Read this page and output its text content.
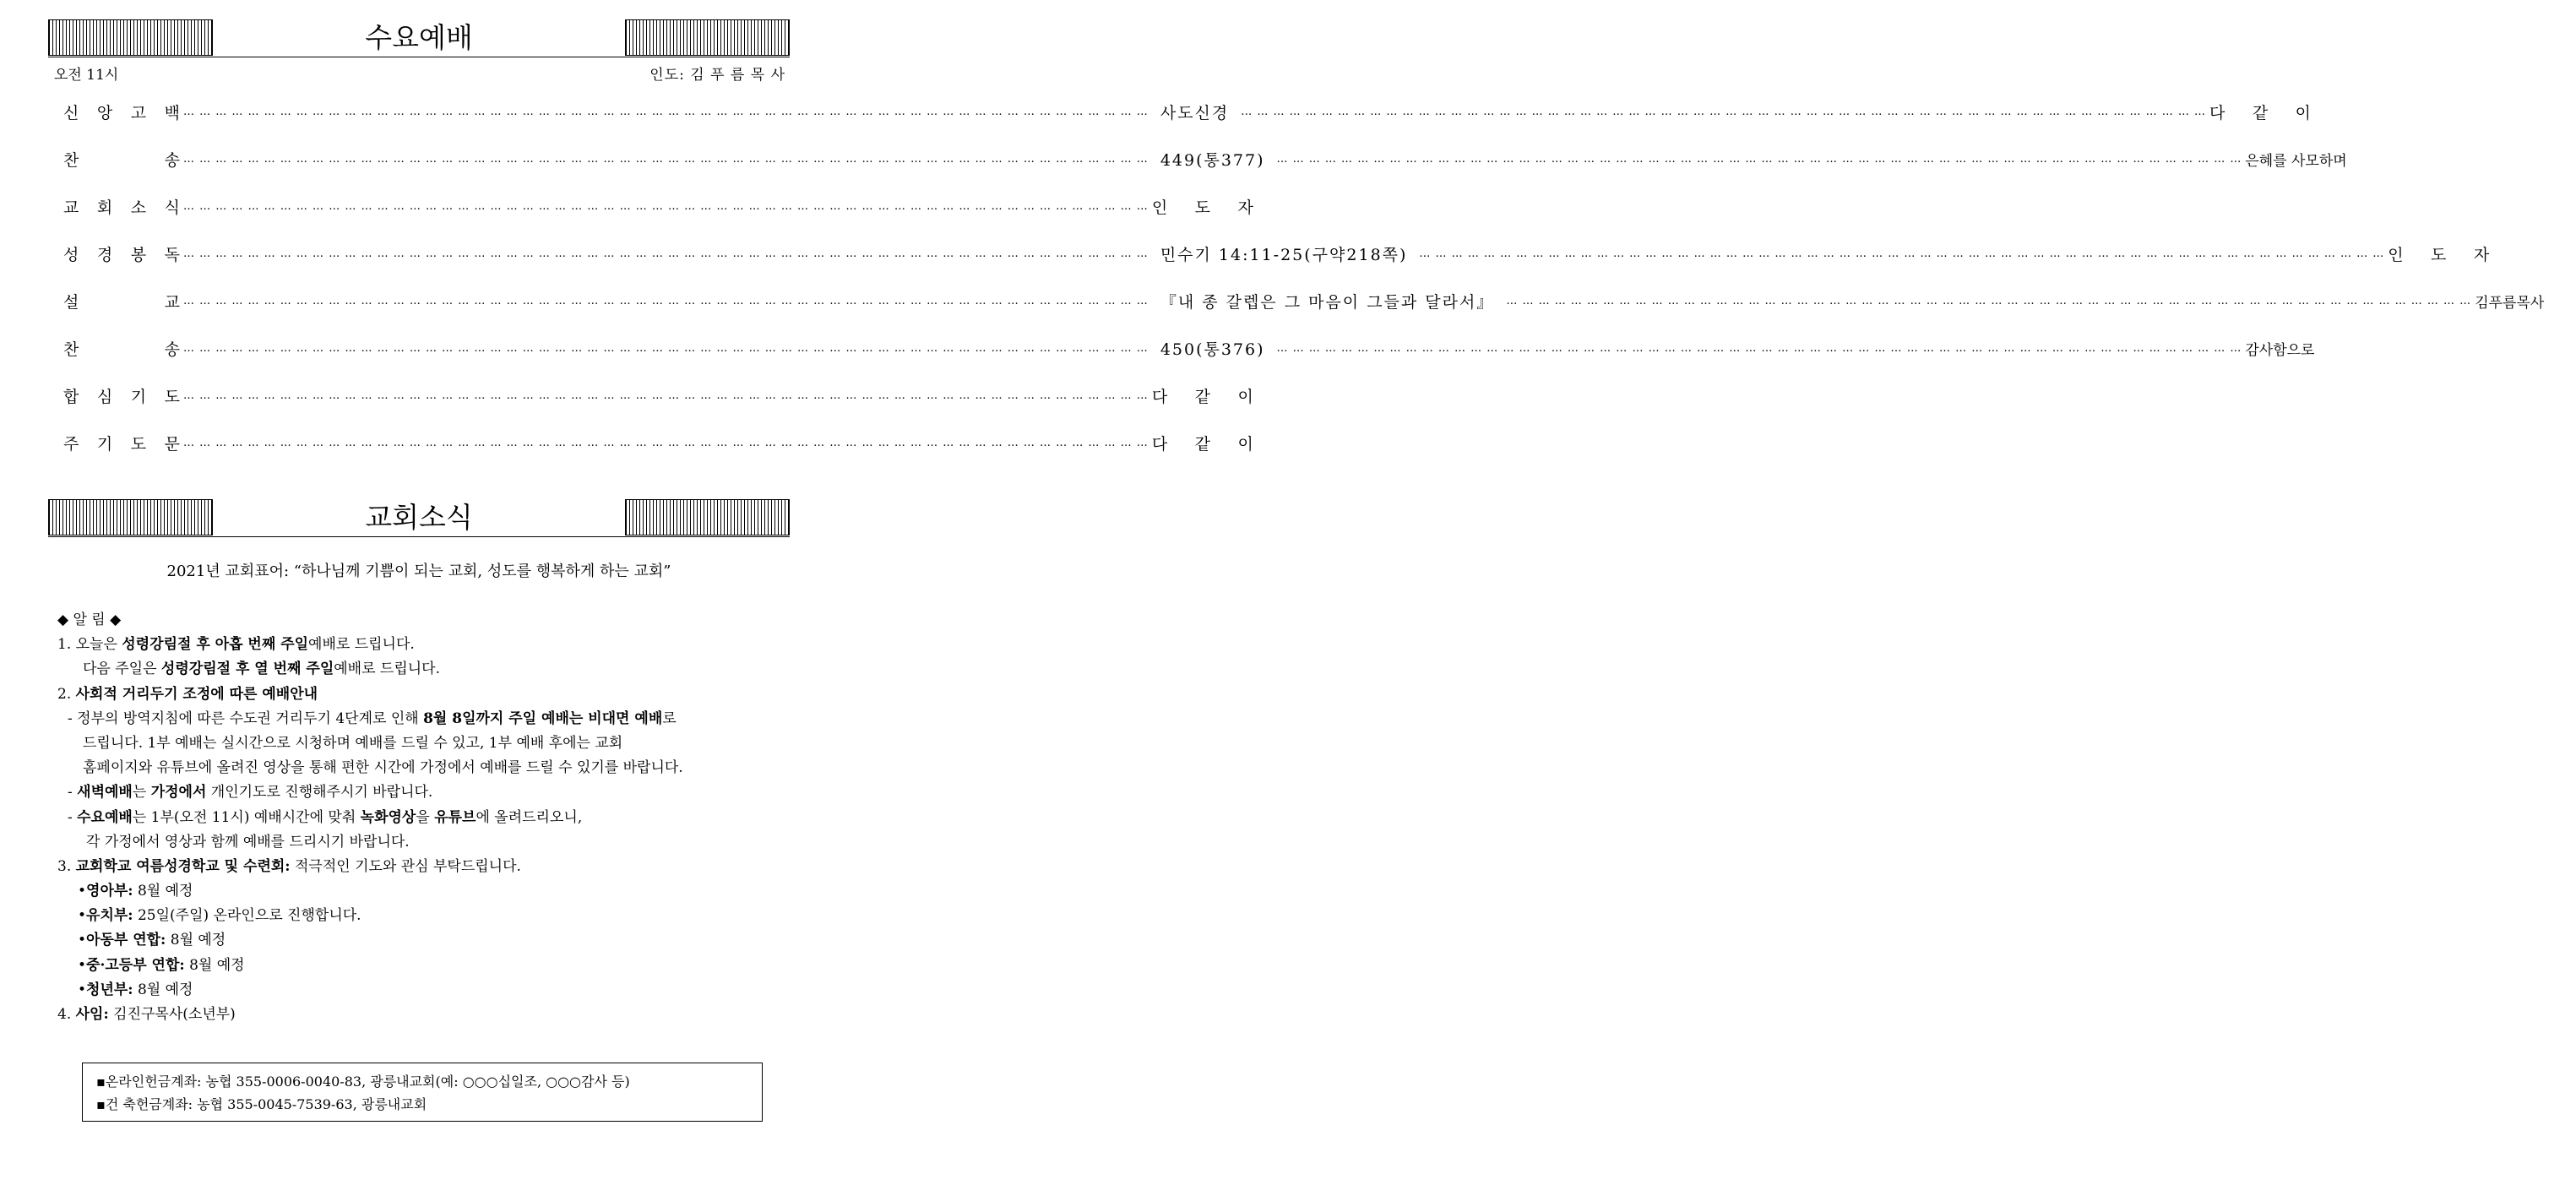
수요예배
오전 11시	인도: 김 푸 름 목 사
신 앙 고 백 … … … … … … … … … … … … … … … … … … … … … … … … … … … … … … … … … … … … … … … … … … … … … … … … … … … … … … … … … … … … 사도신경	… … … … … … … … … … … … … … … … … … … … … … … … … … … … … … … … … … … … … … … … … … … … … … … … … … … … … … … … … … … … 다 같 이
찬	송 … … … … … … … … … … … … … … … … … … … … … … … … … … … … … … … … … … … … … … … … … … … … … … … … … … … … … … … … … … … … 449(통377)	… … … … … … … … … … … … … … … … … … … … … … … … … … … … … … … … … … … … … … … … … … … … … … … … … … … … … … … … … … … … 은혜를 사모하며
교 회 소 식 … … … … … … … … … … … … … … … … … … … … … … … … … … … … … … … … … … … … … … … … … … … … … … … … … … … … … … … … … … … … 인 도 자
성 경 봉 독 … … … … … … … … … … … … … … … … … … … … … … … … … … … … … … … … … … … … … … … … … … … … … … … … … … … … … … … … … … … … 민수기 14:11-25(구약218쪽)	… … … … … … … … … … … … … … … … … … … … … … … … … … … … … … … … … … … … … … … … … … … … … … … … … … … … … … … … … … … … 인 도 자
설	교 … … … … … … … … … … … … … … … … … … … … … … … … … … … … … … … … … … … … … … … … … … … … … … … … … … … … … … … … … … … … 『내 종 갈렙은 그 마음이 그들과 달라서』	… … … … … … … … … … … … … … … … … … … … … … … … … … … … … … … … … … … … … … … … … … … … … … … … … … … … … … … … … … … … 김푸름목사
찬	송 … … … … … … … … … … … … … … … … … … … … … … … … … … … … … … … … … … … … … … … … … … … … … … … … … … … … … … … … … … … … 450(통376)	… … … … … … … … … … … … … … … … … … … … … … … … … … … … … … … … … … … … … … … … … … … … … … … … … … … … … … … … … … … … 감사함으로
합 심 기 도 … … … … … … … … … … … … … … … … … … … … … … … … … … … … … … … … … … … … … … … … … … … … … … … … … … … … … … … … … … … … 다 같 이
주 기 도 문 … … … … … … … … … … … … … … … … … … … … … … … … … … … … … … … … … … … … … … … … … … … … … … … … … … … … … … … … … … … … 다 같 이
교회소식
2021년 교회표어: “하나님께 기쁨이 되는 교회, 성도를 행복하게 하는 교회”
◆ 알 림 ◆
1. 오늘은 성령강림절 후 아홉 번째 주일예배로 드립니다.
다음 주일은 성령강림절 후 열 번째 주일예배로 드립니다.
2. 사회적 거리두기 조정에 따른 예배안내
- 정부의 방역지침에 따른 수도권 거리두기 4단계로 인해 8월 8일까지 주일 예배는 비대면 예배로
드립니다. 1부 예배는 실시간으로 시청하며 예배를 드릴 수 있고, 1부 예배 후에는 교회
홈페이지와 유튜브에 올려진 영상을 통해 편한 시간에 가정에서 예배를 드릴 수 있기를 바랍니다.
- 새벽예배는 가정에서 개인기도로 진행해주시기 바랍니다.
- 수요예배는 1부(오전 11시) 예배시간에 맞춰 녹화영상을 유튜브에 올려드리오니,
각 가정에서 영상과 함께 예배를 드리시기 바랍니다.
3. 교회학교 여름성경학교 및 수련회: 적극적인 기도와 관심 부탁드립니다.
•영아부: 8월 예정
•유치부: 25일(주일) 온라인으로 진행합니다.
•아동부 연합: 8월 예정
•중·고등부 연합: 8월 예정
•청년부: 8월 예정
4. 사임: 김진구목사(소년부)
▪온라인헌금계좌: 농협 355-0006-0040-83, 광릉내교회(예: ○○○십일조, ○○○감사 등)
▪건 축헌금계좌: 농협 355-0045-7539-63, 광릉내교회
